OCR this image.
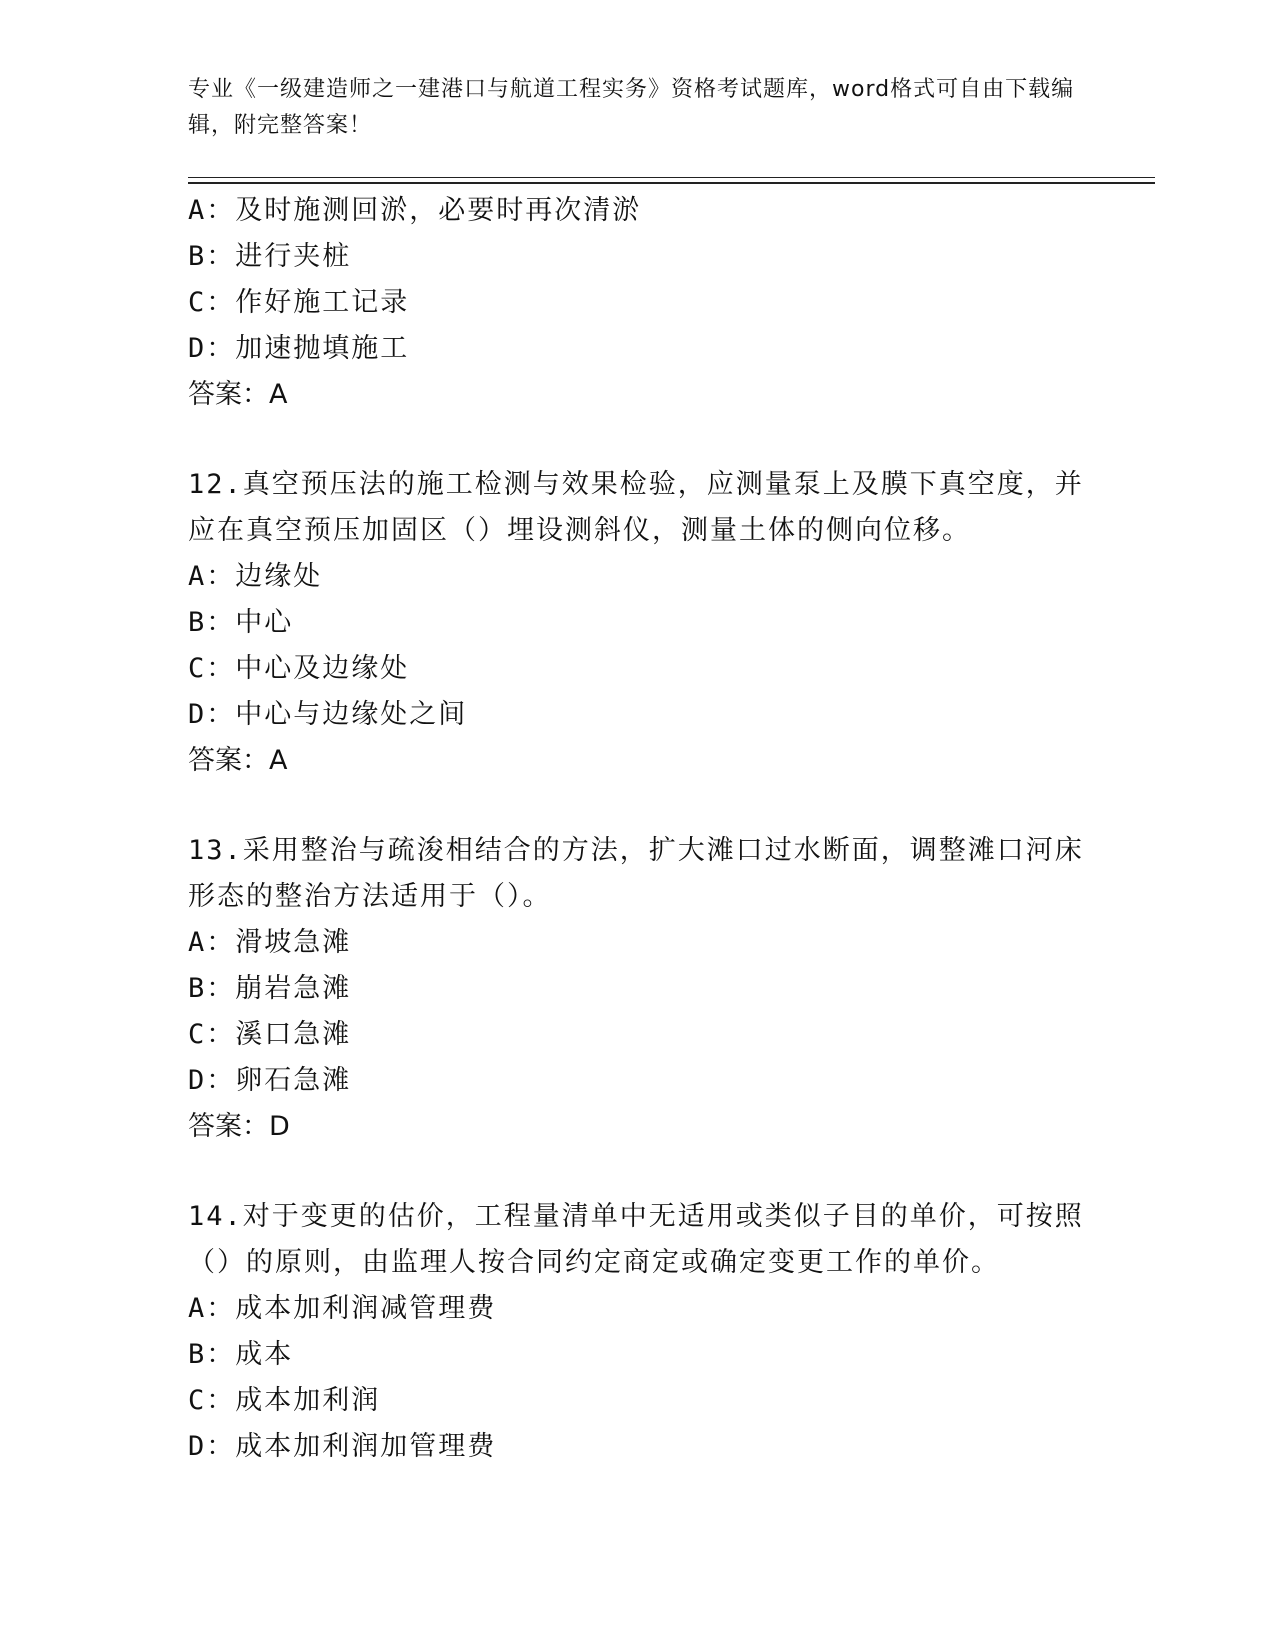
专业《一级建造师之一建港口与航道工程实务》资格考试题库，word格式可自由下载编辑，附完整答案！
A：及时施测回淤，必要时再次清淤
B：进行夹桩
C：作好施工记录
D：加速抛填施工
答案：A
12.真空预压法的施工检测与效果检验，应测量泵上及膜下真空度，并应在真空预压加固区（）埋设测斜仪，测量土体的侧向位移。
A：边缘处
B：中心
C：中心及边缘处
D：中心与边缘处之间
答案：A
13.采用整治与疏浚相结合的方法，扩大滩口过水断面，调整滩口河床形态的整治方法适用于（）。
A：滑坡急滩
B：崩岩急滩
C：溪口急滩
D：卵石急滩
答案：D
14.对于变更的估价，工程量清单中无适用或类似子目的单价，可按照（）的原则，由监理人按合同约定商定或确定变更工作的单价。
A：成本加利润减管理费
B：成本
C：成本加利润
D：成本加利润加管理费
